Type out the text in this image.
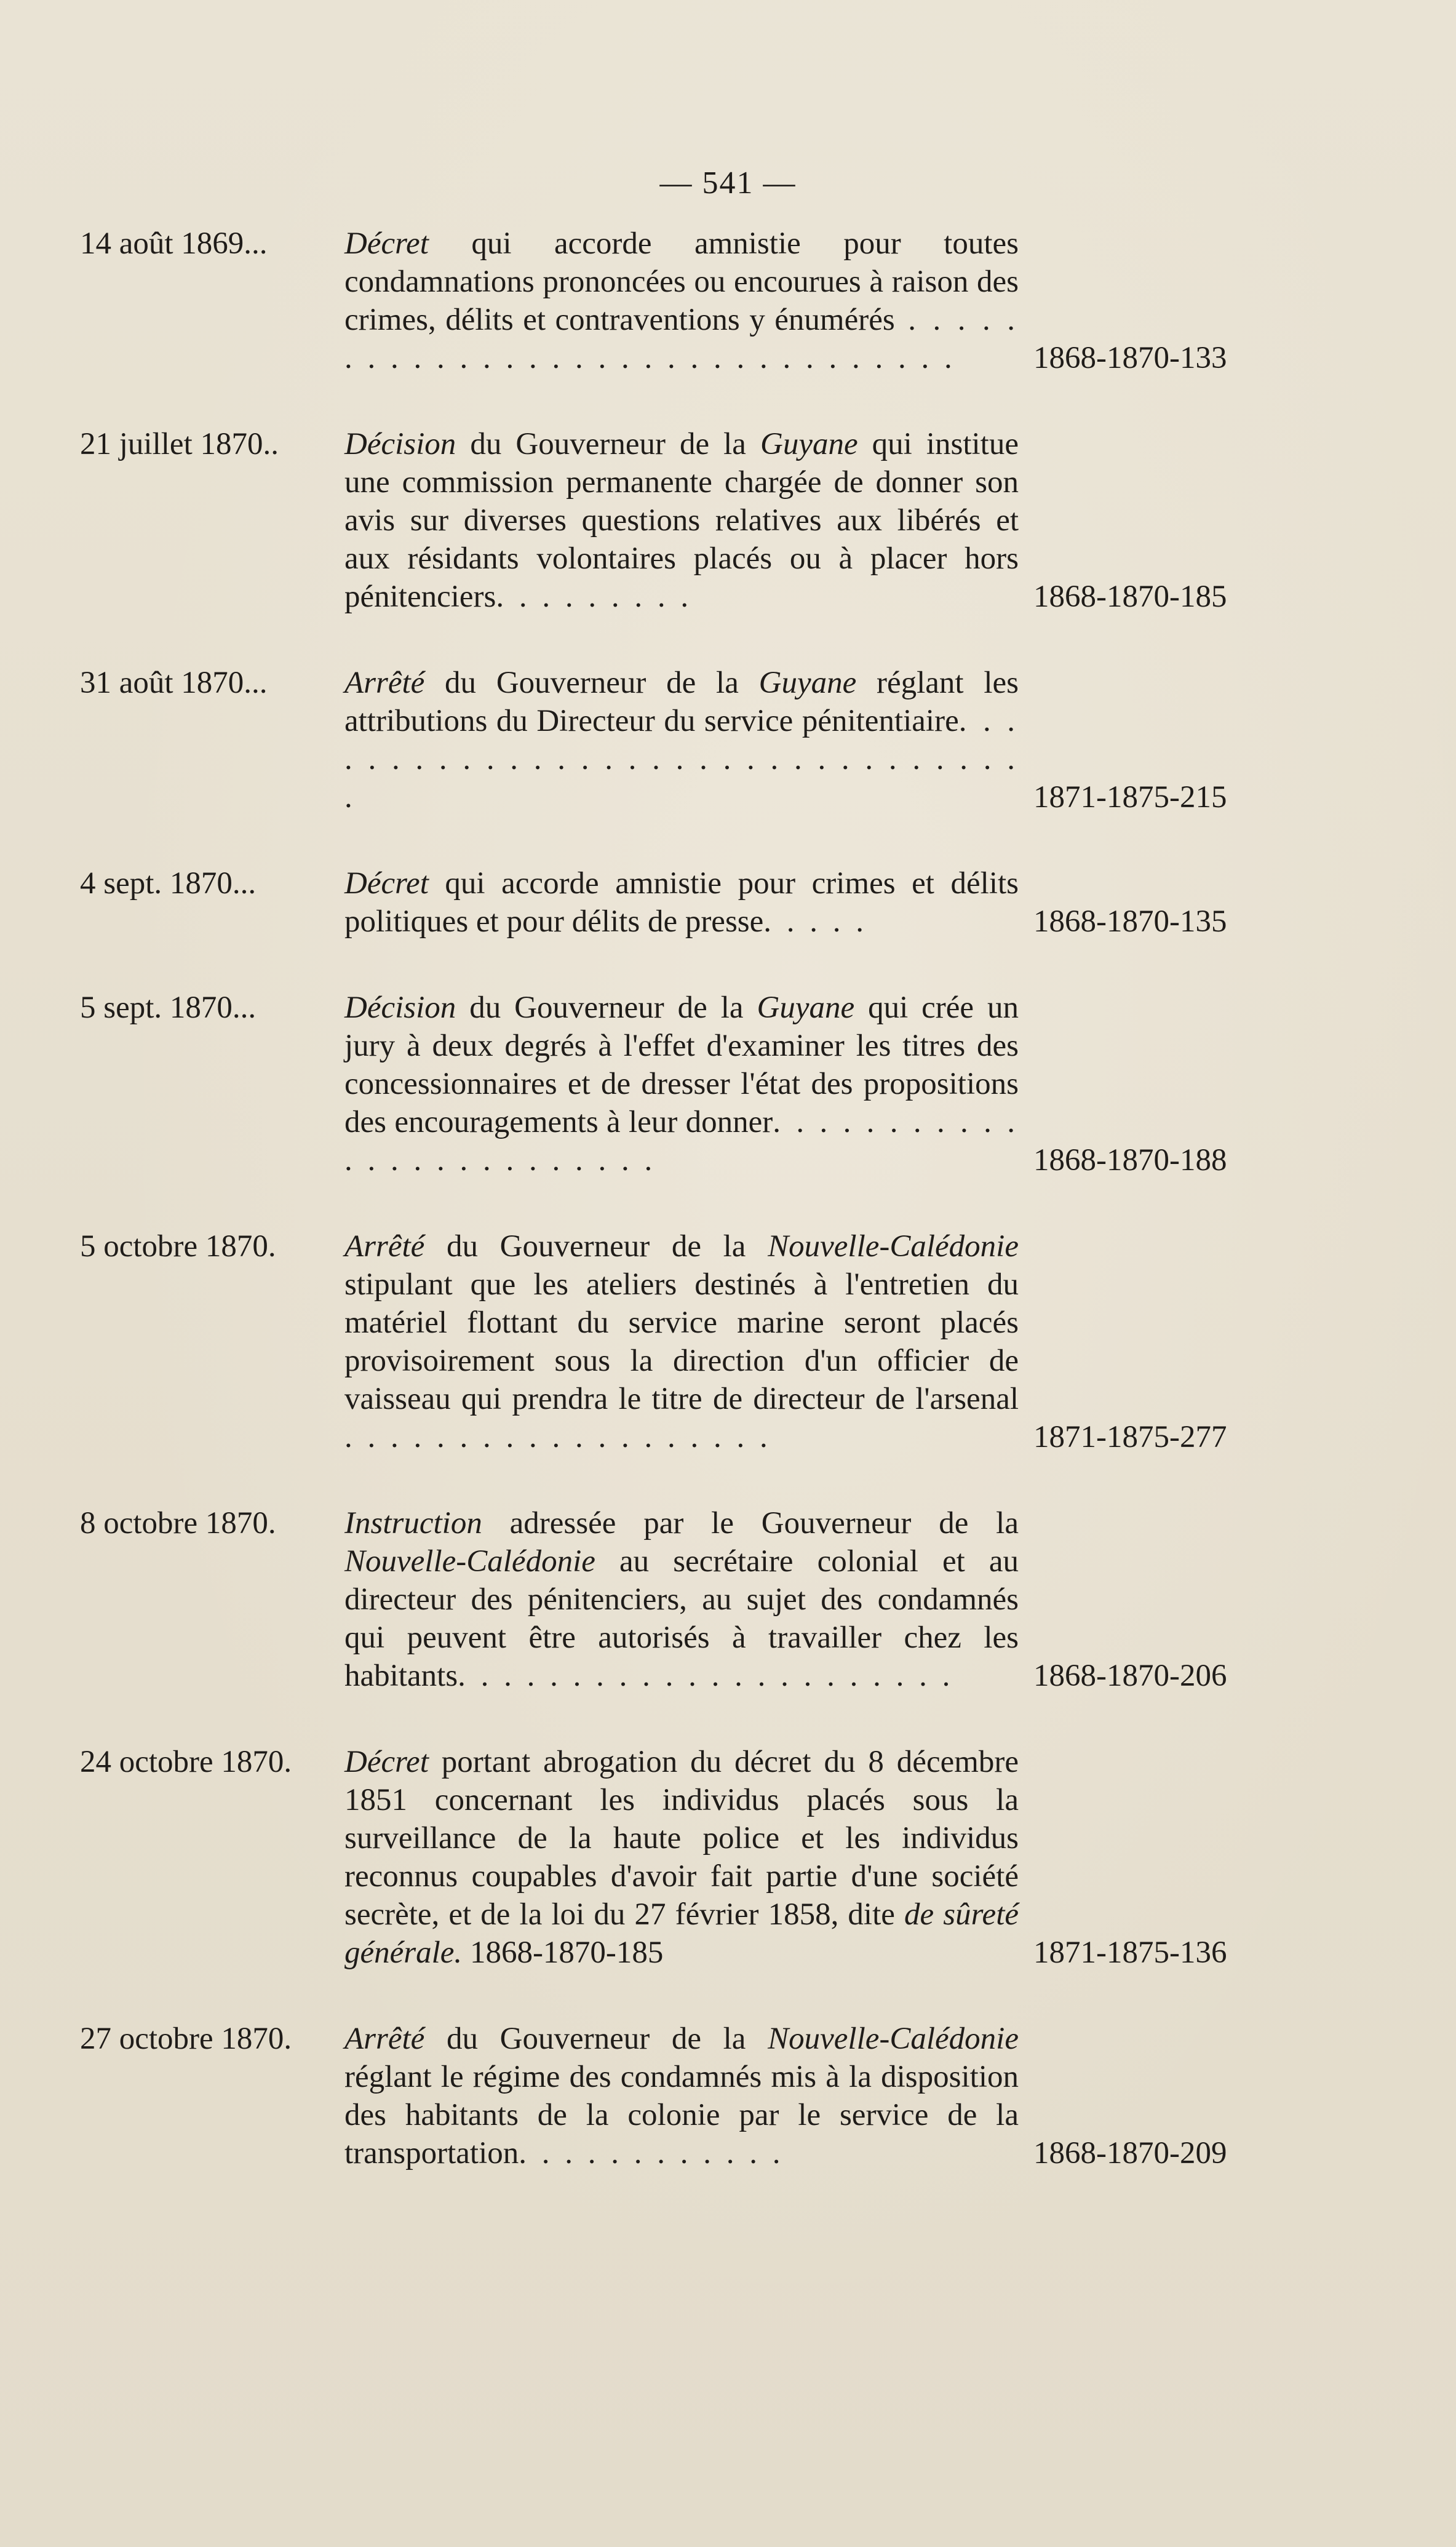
— 541 —
14 août 1869...	Décret qui accorde amnistie pour toutes condamnations prononcées ou encourues à raison des crimes, délits et contraventions y énumérés . . . . . . . . . . . . . . . . . . . . . . . . . . . . . . . .	1868-1870-133
21 juillet 1870..	Décision du Gouverneur de la Guyane qui institue une commission permanente chargée de donner son avis sur diverses questions relatives aux libérés et aux résidants volontaires placés ou à placer hors pénitenciers. . . . . . . . .	1868-1870-185
31 août 1870...	Arrêté du Gouverneur de la Guyane réglant les attributions du Directeur du service pénitentiaire. . . . . . . . . . . . . . . . . . . . . . . . . . . . . . . . .	1871-1875-215
4 sept. 1870...	Décret qui accorde amnistie pour crimes et délits politiques et pour délits de presse. . . . .	1868-1870-135
5 sept. 1870...	Décision du Gouverneur de la Guyane qui crée un jury à deux degrés à l'effet d'examiner les titres des concessionnaires et de dresser l'état des propositions des encouragements à leur donner. . . . . . . . . . . . . . . . . . . . . . . . .	1868-1870-188
5 octobre 1870.	Arrêté du Gouverneur de la Nouvelle-Calédonie stipulant que les ateliers destinés à l'entretien du matériel flottant du service marine seront placés provisoirement sous la direction d'un officier de vaisseau qui prendra le titre de directeur de l'arsenal . . . . . . . . . . . . . . . . . . .	1871-1875-277
8 octobre 1870.	Instruction adressée par le Gouverneur de la Nouvelle-Calédonie au secrétaire colonial et au directeur des pénitenciers, au sujet des condamnés qui peuvent être autorisés à travailler chez les habitants. . . . . . . . . . . . . . . . . . . . . .	1868-1870-206
24 octobre 1870.	Décret portant abrogation du décret du 8 décembre 1851 concernant les individus placés sous la surveillance de la haute police et les individus reconnus coupables d'avoir fait partie d'une société secrète, et de la loi du 27 février 1858, dite de sûreté générale. 1868-1870-185	1871-1875-136
27 octobre 1870.	Arrêté du Gouverneur de la Nouvelle-Calédonie réglant le régime des condamnés mis à la disposition des habitants de la colonie par le service de la transportation. . . . . . . . . . . .	1868-1870-209
